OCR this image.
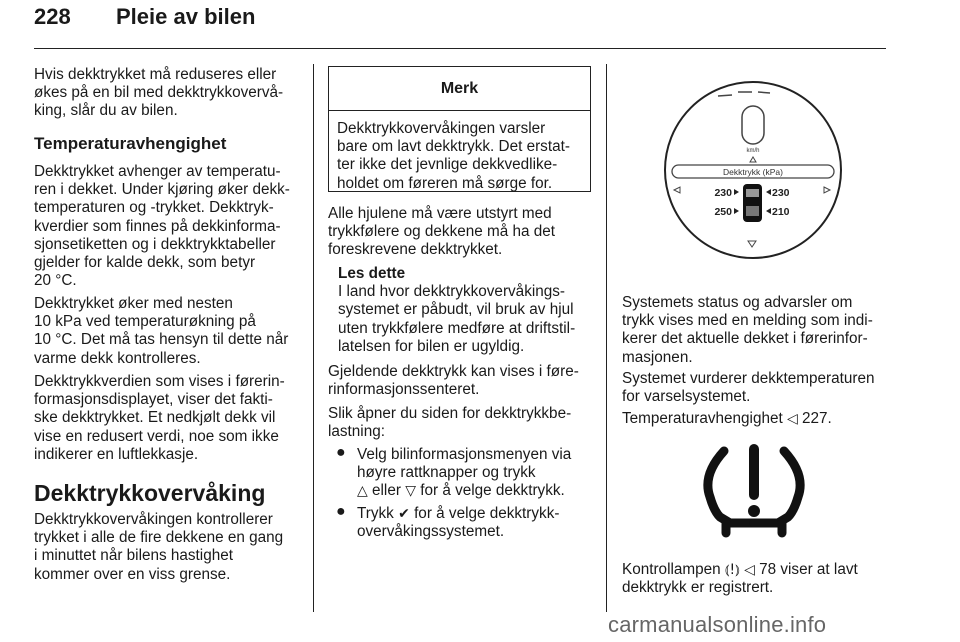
228 Pleie av bilen

Hvis dekktrykket må reduseres eller

økes på en bil med dekktrykkovervå-

king, slår du av bilen.

Temperaturavhengighet

Dekktrykket avhenger av temperatu-

ren i dekket. Under kjøring øker dekk-

temperaturen og -trykket. Dekktryk-

kverdier som finnes på dekkinforma-

sjonsetiketten og i dekktrykktabeller

gjelder for kalde dekk, som betyr

20 °C.

Dekktrykket øker med nesten

10 kPa ved temperaturøkning på

10 °C. Det må tas hensyn til dette når

varme dekk kontrolleres.

Dekktrykkverdien som vises i førerin-

formasjonsdisplayet, viser det fakti-

ske dekktrykket. Et nedkjølt dekk vil

vise en redusert verdi, noe som ikke

indikerer en luftlekkasje.

Dekktrykkovervåking

Dekktrykkovervåkingen kontrollerer

trykket i alle de fire dekkene en gang

i minuttet når bilens hastighet

kommer over en viss grense.

Merk

Dekktrykkovervåkingen varsler

bare om lavt dekktrykk. Det erstat-

ter ikke det jevnlige dekkvedlike-

holdet om føreren må sørge for.

Alle hjulene må være utstyrt med

trykkfølere og dekkene må ha det

foreskrevene dekktrykket.

Les dette

I land hvor dekktrykkovervåkings-

systemet er påbudt, vil bruk av hjul

uten trykkfølere medføre at driftstil-

latelsen for bilen er ugyldig.

Gjeldende dekktrykk kan vises i føre-

rinformasjonssenteret.

Slik åpner du siden for dekktrykkbe-

lastning:

● Velg bilinformasjonsmenyen via

høyre rattknapper og trykk

△ eller ▽ for å velge dekktrykk.

● Trykk ✔ for å velge dekktrykk-

overvåkingssystemet.

km/h
Dekktrykk (kPa)
230	230
250	210

Systemets status og advarsler om

trykk vises med en melding som indi-

kerer det aktuelle dekket i førerinfor-

masjonen.

Systemet vurderer dekktemperaturen

for varselsystemet.

Temperaturavhengighet ◁ 227.

Kontrollampen ⦅!⦆ ◁ 78 viser at lavt

dekktrykk er registrert.

carmanualsonline.info
